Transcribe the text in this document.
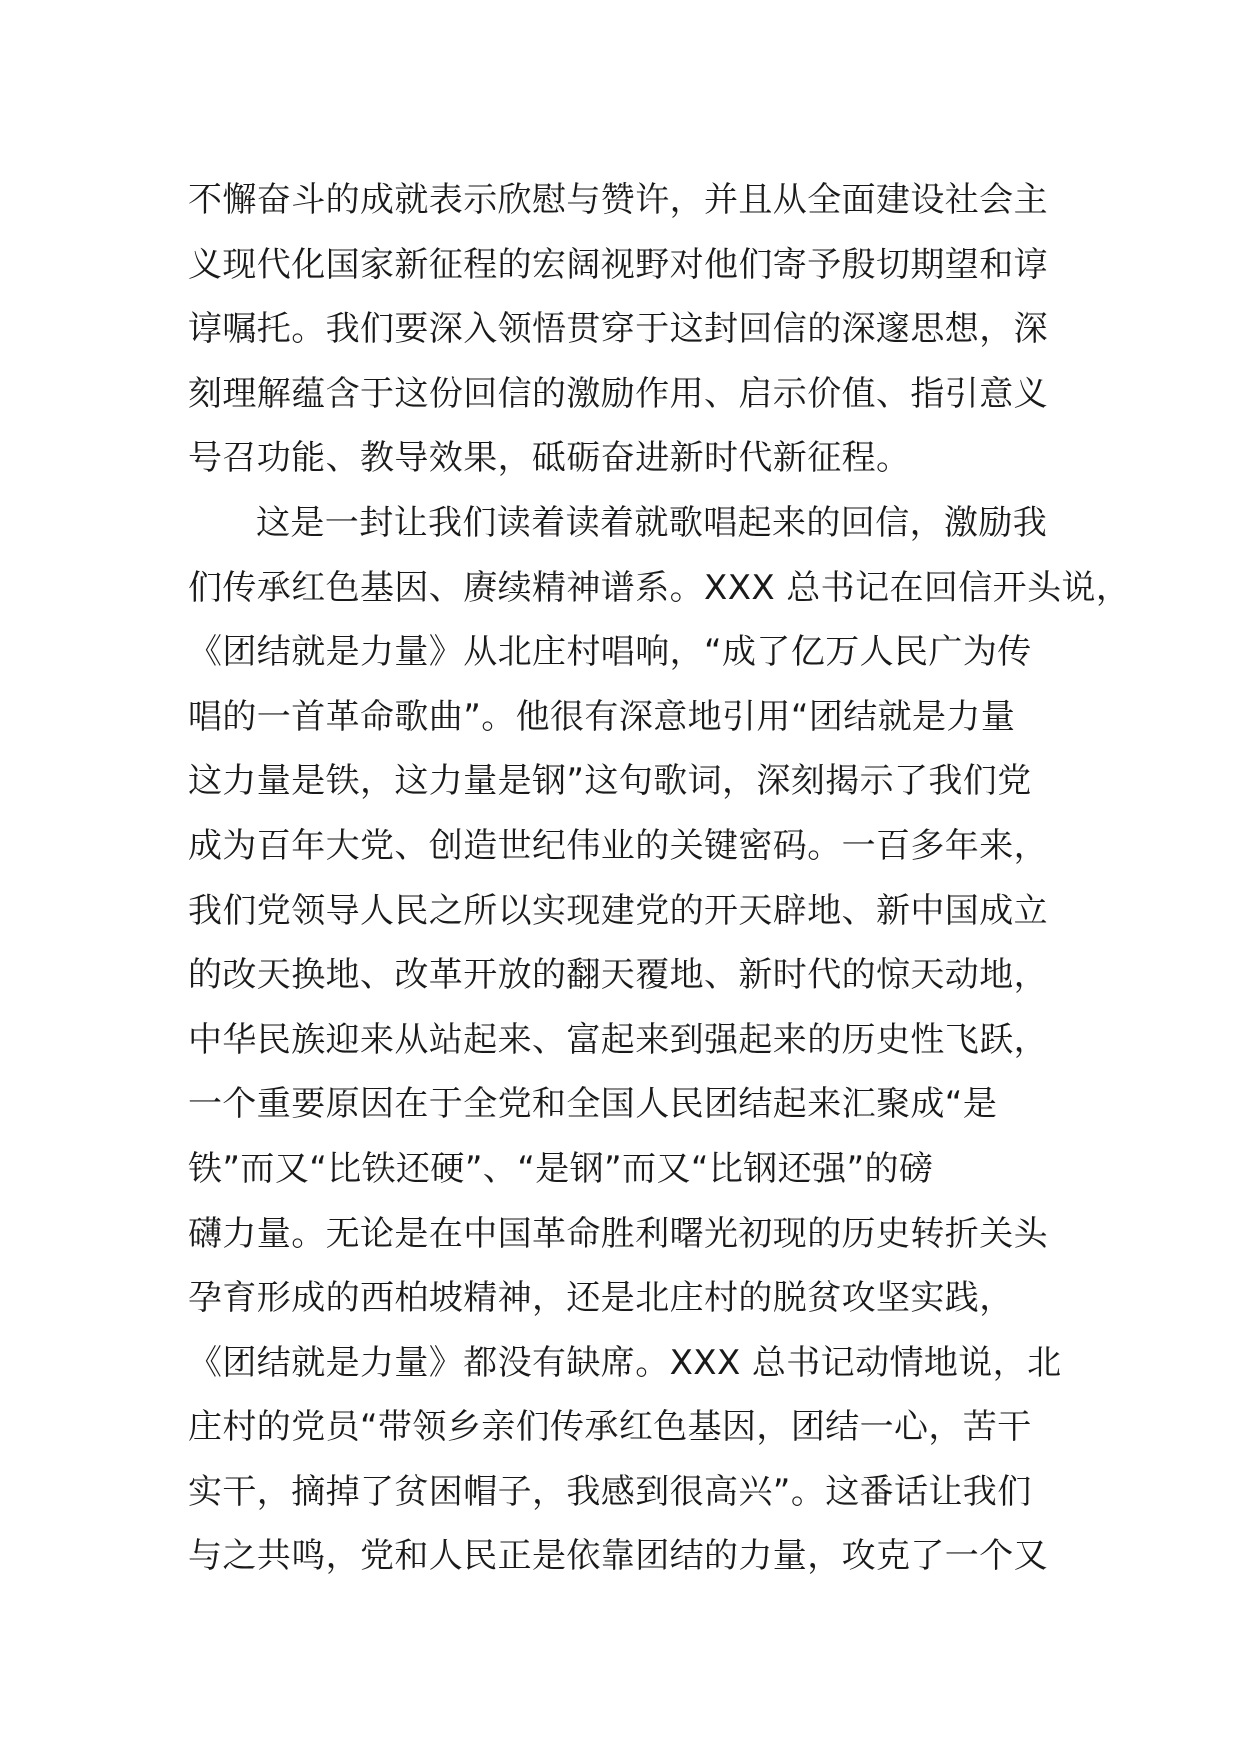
不懈奋斗的成就表示欣慰与赞许，并且从全面建设社会主
义现代化国家新征程的宏阔视野对他们寄予殷切期望和谆
谆嘱托。我们要深入领悟贯穿于这封回信的深邃思想，深
刻理解蕴含于这份回信的激励作用、启示价值、指引意义
号召功能、教导效果，砥砺奋进新时代新征程。
这是一封让我们读着读着就歌唱起来的回信，激励我
们传承红色基因、赓续精神谱系。XXX 总书记在回信开头说，
《团结就是力量》从北庄村唱响，“成了亿万人民广为传
唱的一首革命歌曲”。他很有深意地引用“团结就是力量
这力量是铁，这力量是钢”这句歌词，深刻揭示了我们党
成为百年大党、创造世纪伟业的关键密码。一百多年来，
我们党领导人民之所以实现建党的开天辟地、新中国成立
的改天换地、改革开放的翻天覆地、新时代的惊天动地，
中华民族迎来从站起来、富起来到强起来的历史性飞跃，
一个重要原因在于全党和全国人民团结起来汇聚成“是
铁”而又“比铁还硬”、“是钢”而又“比钢还强”的磅
礴力量。无论是在中国革命胜利曙光初现的历史转折关头
孕育形成的西柏坡精神，还是北庄村的脱贫攻坚实践，
《团结就是力量》都没有缺席。XXX 总书记动情地说，北
庄村的党员“带领乡亲们传承红色基因，团结一心，苦干
实干，摘掉了贫困帽子，我感到很高兴”。这番话让我们
与之共鸣，党和人民正是依靠团结的力量，攻克了一个又
